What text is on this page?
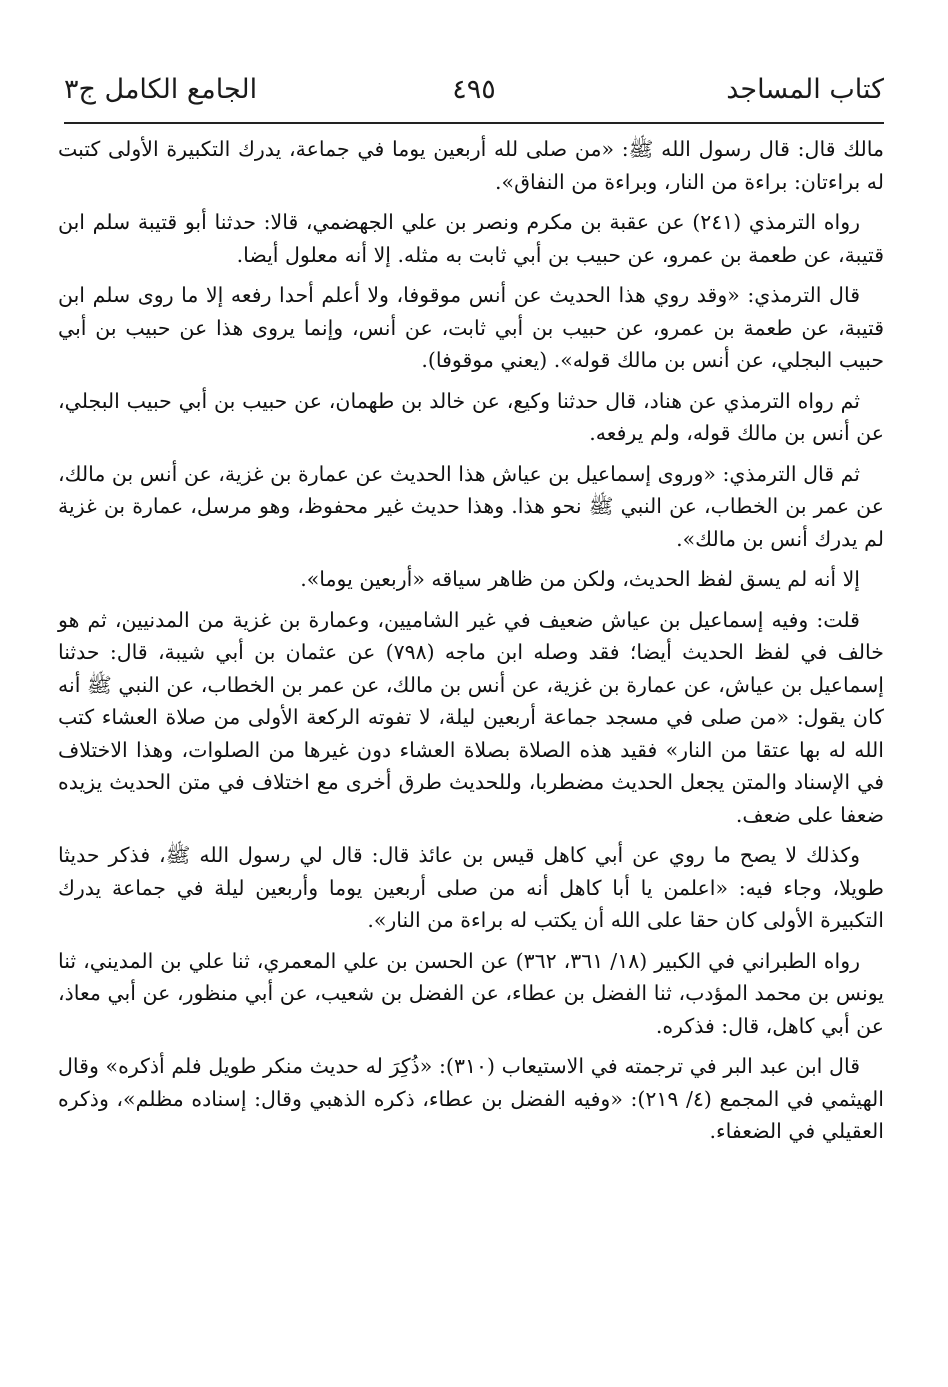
كتاب المساجد
٤٩٥
الجامع الكامل ج٣

مالك قال: قال رسول الله ﷺ: «من صلى لله أربعين يوما في جماعة، يدرك التكبيرة الأولى كتبت له براءتان: براءة من النار، وبراءة من النفاق».

رواه الترمذي (٢٤١) عن عقبة بن مكرم ونصر بن علي الجهضمي، قالا: حدثنا أبو قتيبة سلم ابن قتيبة، عن طعمة بن عمرو، عن حبيب بن أبي ثابت به مثله. إلا أنه معلول أيضا.

قال الترمذي: «وقد روي هذا الحديث عن أنس موقوفا، ولا أعلم أحدا رفعه إلا ما روى سلم ابن قتيبة، عن طعمة بن عمرو، عن حبيب بن أبي ثابت، عن أنس، وإنما يروى هذا عن حبيب بن أبي حبيب البجلي، عن أنس بن مالك قوله». (يعني موقوفا).

ثم رواه الترمذي عن هناد، قال حدثنا وكيع، عن خالد بن طهمان، عن حبيب بن أبي حبيب البجلي، عن أنس بن مالك قوله، ولم يرفعه.

ثم قال الترمذي: «وروى إسماعيل بن عياش هذا الحديث عن عمارة بن غزية، عن أنس بن مالك، عن عمر بن الخطاب، عن النبي ﷺ نحو هذا. وهذا حديث غير محفوظ، وهو مرسل، عمارة بن غزية لم يدرك أنس بن مالك».

إلا أنه لم يسق لفظ الحديث، ولكن من ظاهر سياقه «أربعين يوما».

قلت: وفيه إسماعيل بن عياش ضعيف في غير الشاميين، وعمارة بن غزية من المدنيين، ثم هو خالف في لفظ الحديث أيضا؛ فقد وصله ابن ماجه (٧٩٨) عن عثمان بن أبي شيبة، قال: حدثنا إسماعيل بن عياش، عن عمارة بن غزية، عن أنس بن مالك، عن عمر بن الخطاب، عن النبي ﷺ أنه كان يقول: «من صلى في مسجد جماعة أربعين ليلة، لا تفوته الركعة الأولى من صلاة العشاء كتب الله له بها عتقا من النار» فقيد هذه الصلاة بصلاة العشاء دون غيرها من الصلوات، وهذا الاختلاف في الإسناد والمتن يجعل الحديث مضطربا، وللحديث طرق أخرى مع اختلاف في متن الحديث يزيده ضعفا على ضعف.

وكذلك لا يصح ما روي عن أبي كاهل قيس بن عائذ قال: قال لي رسول الله ﷺ، فذكر حديثا طويلا، وجاء فيه: «اعلمن يا أبا كاهل أنه من صلى أربعين يوما وأربعين ليلة في جماعة يدرك التكبيرة الأولى كان حقا على الله أن يكتب له براءة من النار».

رواه الطبراني في الكبير (١٨/ ٣٦١، ٣٦٢) عن الحسن بن علي المعمري، ثنا علي بن المديني، ثنا يونس بن محمد المؤدب، ثنا الفضل بن عطاء، عن الفضل بن شعيب، عن أبي منظور، عن أبي معاذ، عن أبي كاهل، قال: فذكره.

قال ابن عبد البر في ترجمته في الاستيعاب (٣١٠): «ذُكِرَ له حديث منكر طويل فلم أذكره» وقال الهيثمي في المجمع (٤/ ٢١٩): «وفيه الفضل بن عطاء، ذكره الذهبي وقال: إسناده مظلم»، وذكره العقيلي في الضعفاء.
